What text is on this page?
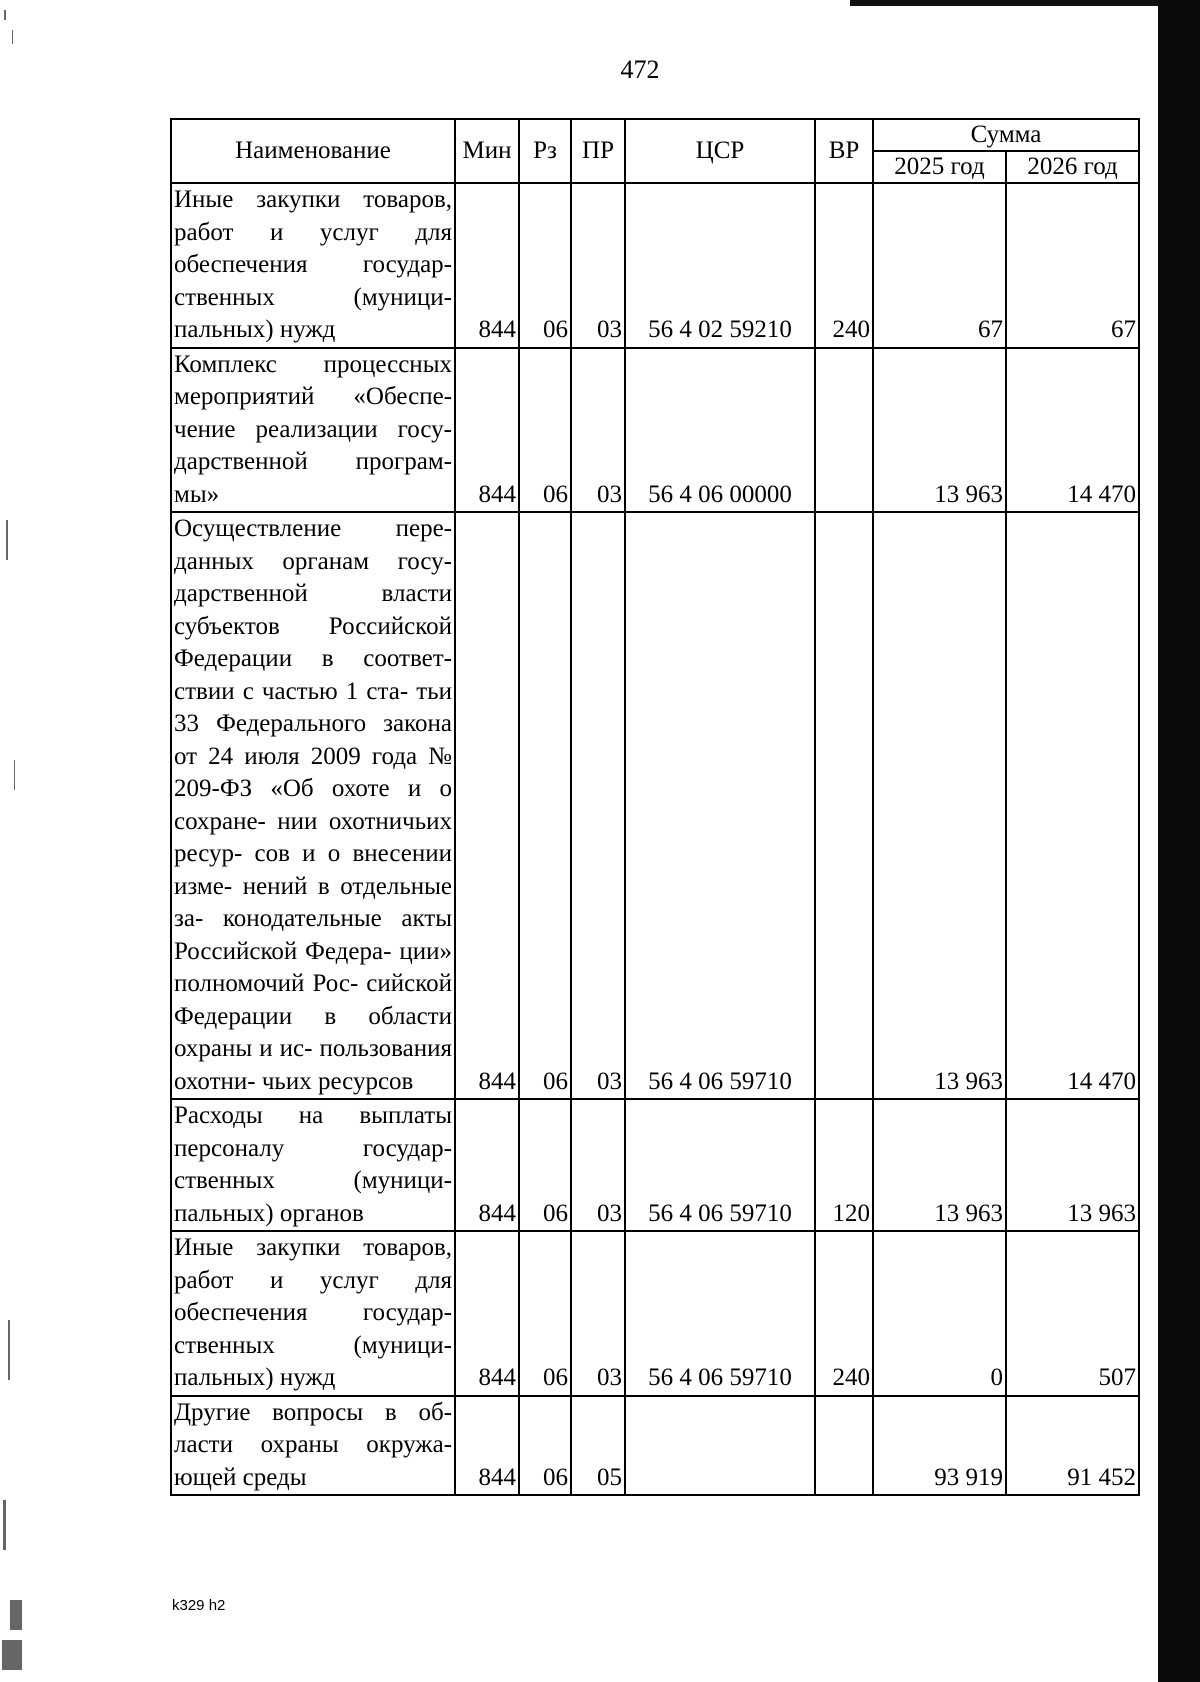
472
Наименование	Мин	Рз	ПР	ЦСР	ВР	Сумма	
						2025 год	2026 год
Иные закупки товаров, работ и услуг для обеспечения государ- ственных (муници- пальных) нужд	844	06	03	56 4 02 59210	240	67	67
Комплекс процессных мероприятий «Обеспе- чение реализации госу- дарственной програм- мы»	844	06	03	56 4 06 00000		13 963	14 470
Осуществление пере- данных органам госу- дарственной власти субъектов Российской Федерации в соответ- ствии с частью 1 ста- тьи 33 Федерального закона от 24 июля 2009 года № 209-ФЗ «Об охоте и о сохране- нии охотничьих ресур- сов и о внесении изме- нений в отдельные за- конодательные акты Российской Федера- ции» полномочий Рос- сийской Федерации в области охраны и ис- пользования охотни- чьих ресурсов	844	06	03	56 4 06 59710		13 963	14 470
Расходы на выплаты персоналу государ- ственных (муници- пальных) органов	844	06	03	56 4 06 59710	120	13 963	13 963
Иные закупки товаров, работ и услуг для обеспечения государ- ственных (муници- пальных) нужд	844	06	03	56 4 06 59710	240	0	507
Другие вопросы в об- ласти охраны окружа- ющей среды	844	06	05			93 919	91 452
k329 h2
